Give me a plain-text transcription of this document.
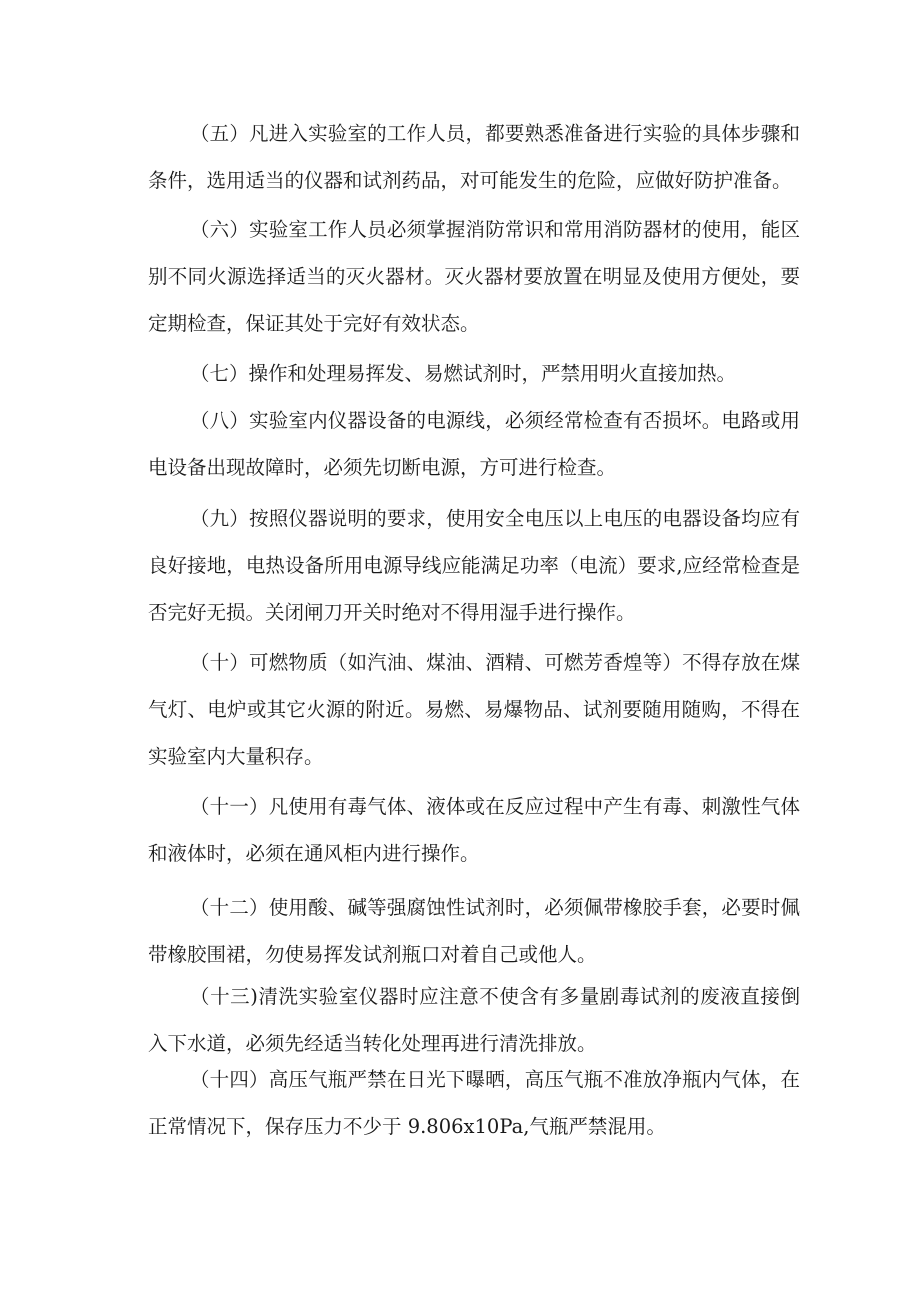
（五）凡进入实验室的工作人员，都要熟悉准备进行实验的具体步骤和
条件，选用适当的仪器和试剂药品，对可能发生的危险，应做好防护准备。
（六）实验室工作人员必须掌握消防常识和常用消防器材的使用，能区
别不同火源选择适当的灭火器材。灭火器材要放置在明显及使用方便处，要
定期检查，保证其处于完好有效状态。
（七）操作和处理易挥发、易燃试剂时，严禁用明火直接加热。
（八）实验室内仪器设备的电源线，必须经常检查有否损坏。电路或用
电设备出现故障时，必须先切断电源，方可进行检查。
（九）按照仪器说明的要求，使用安全电压以上电压的电器设备均应有
良好接地，电热设备所用电源导线应能满足功率（电流）要求,应经常检查是
否完好无损。关闭闸刀开关时绝对不得用湿手进行操作。
（十）可燃物质（如汽油、煤油、酒精、可燃芳香煌等）不得存放在煤
气灯、电炉或其它火源的附近。易燃、易爆物品、试剂要随用随购，不得在
实验室内大量积存。
（十一）凡使用有毒气体、液体或在反应过程中产生有毒、刺激性气体
和液体时，必须在通风柜内进行操作。
（十二）使用酸、碱等强腐蚀性试剂时，必须佩带橡胶手套，必要时佩
带橡胶围裙，勿使易挥发试剂瓶口对着自己或他人。
（十三)清洗实验室仪器时应注意不使含有多量剧毒试剂的废液直接倒
入下水道，必须先经适当转化处理再进行清洗排放。
（十四）高压气瓶严禁在日光下曝晒，高压气瓶不准放净瓶内气体，在
正常情况下，保存压力不少于 9.806x10Pa,气瓶严禁混用。
